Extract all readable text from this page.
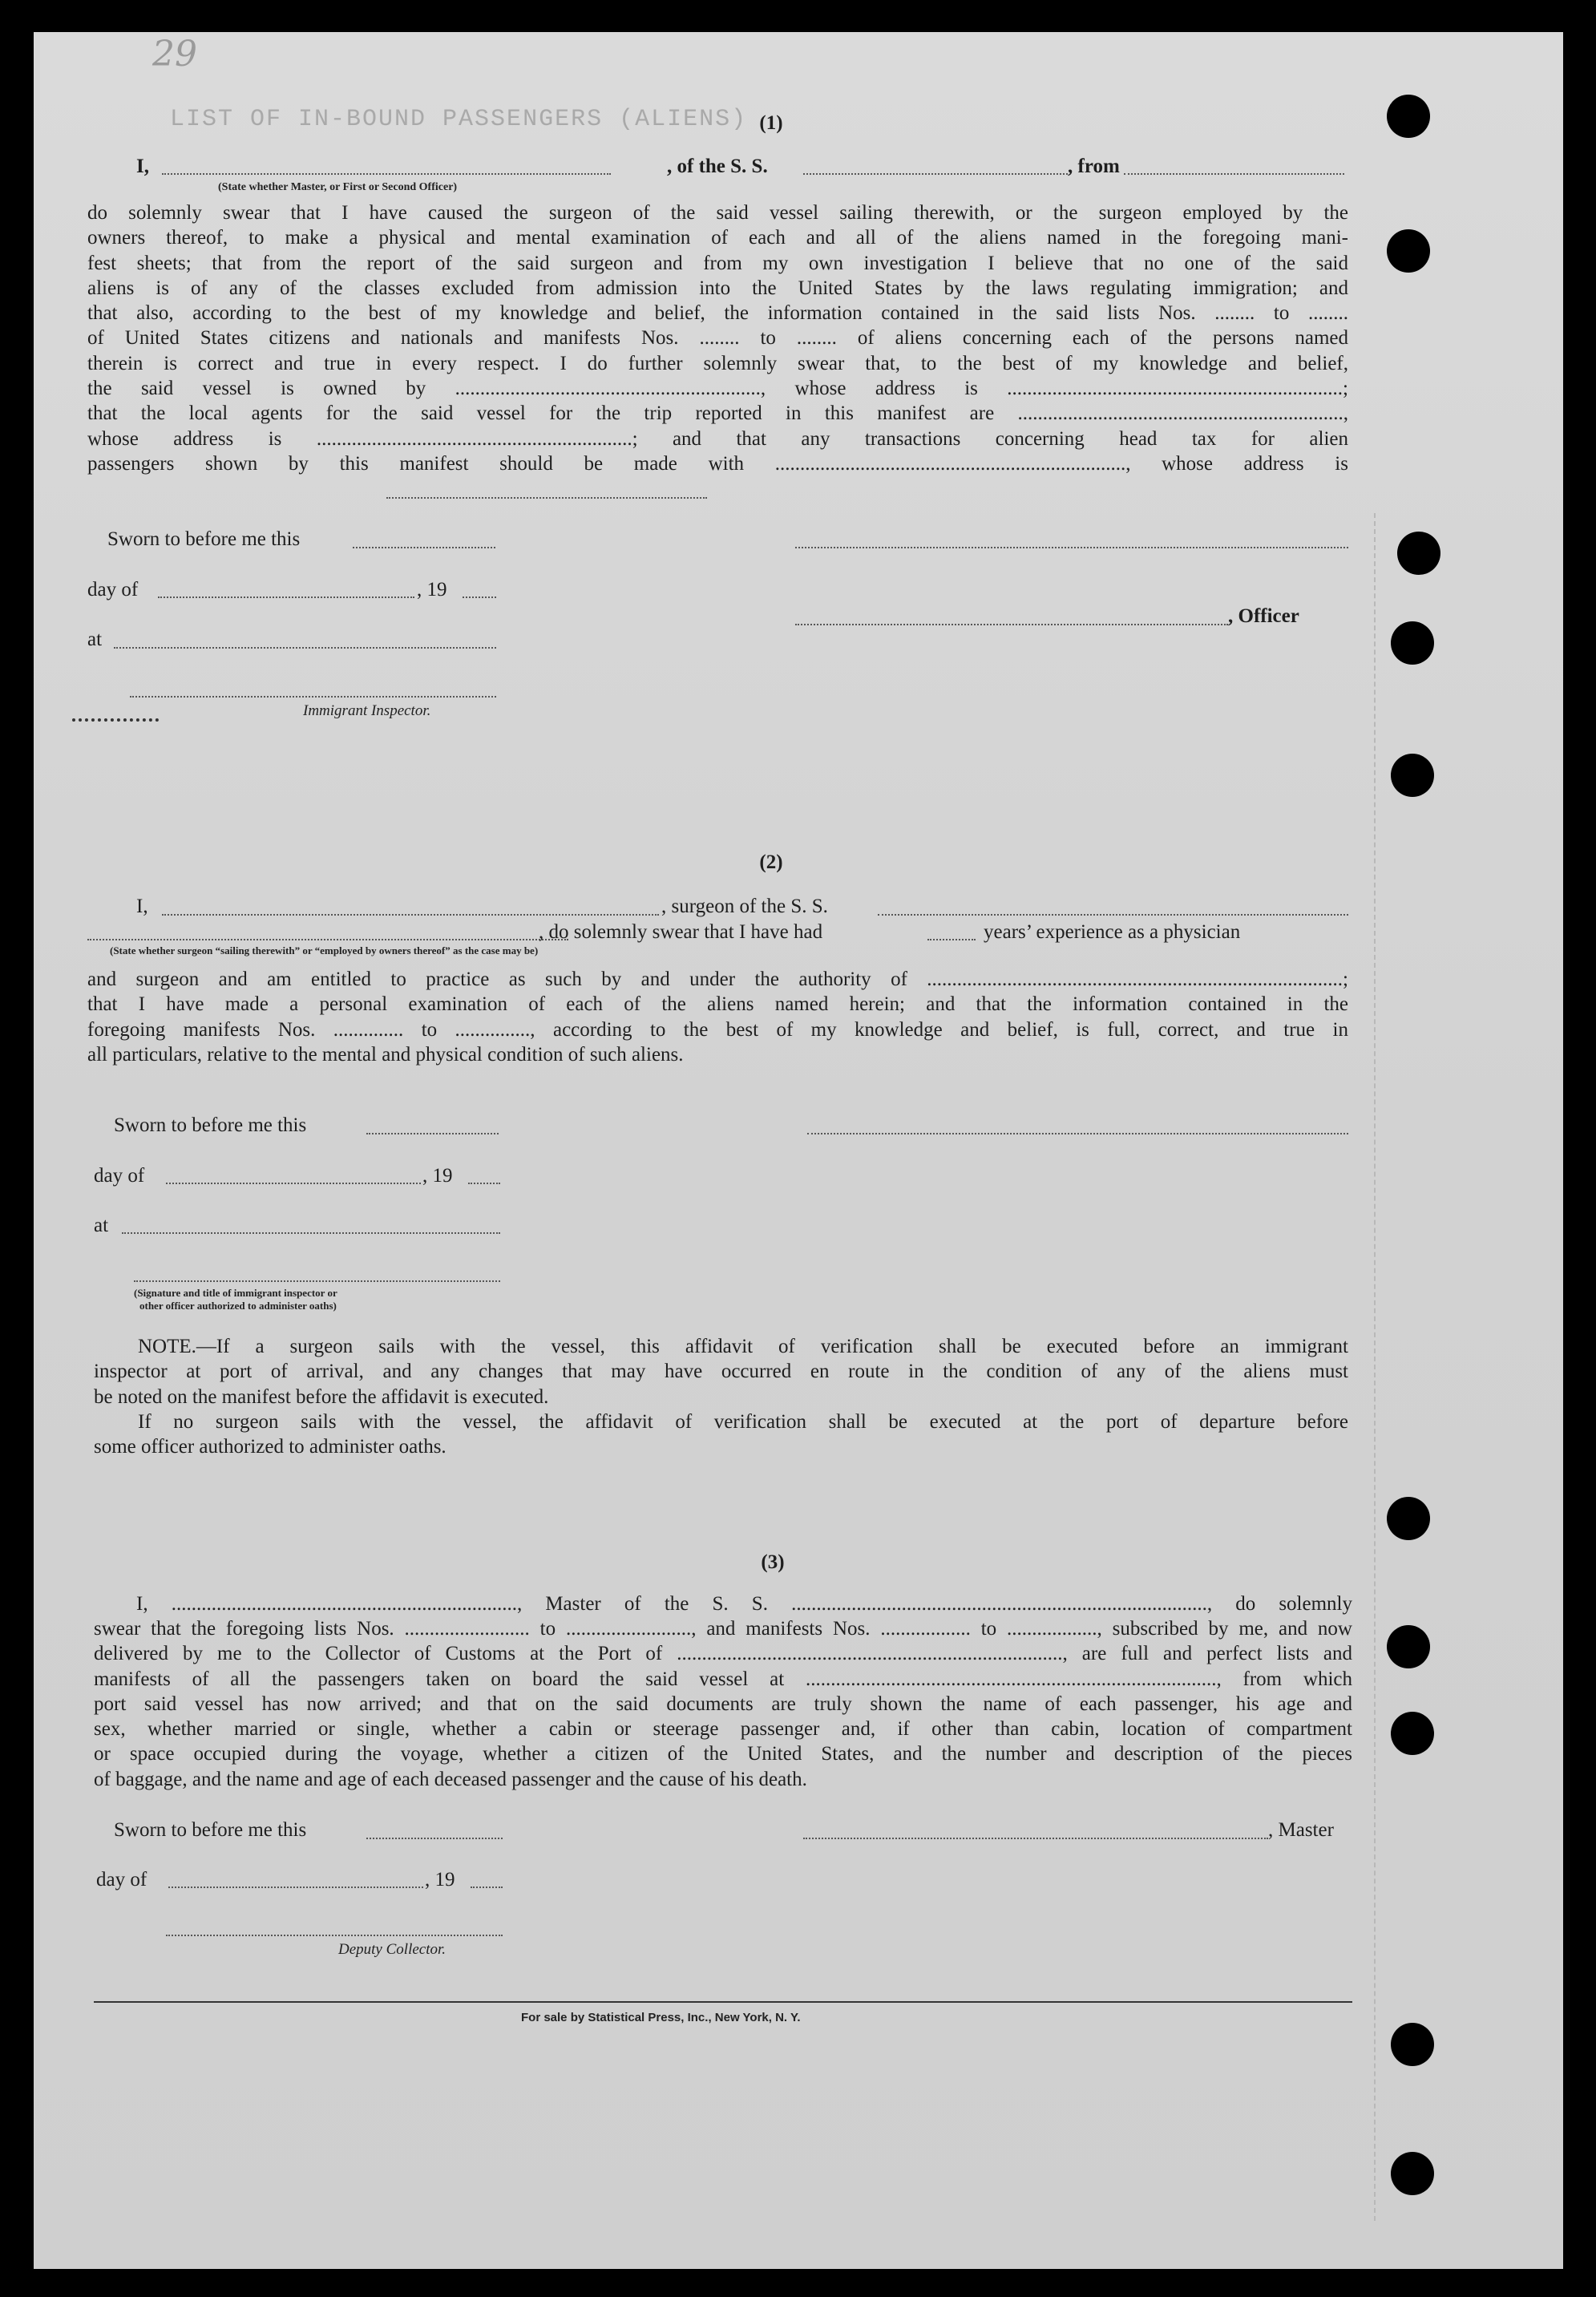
29
LIST OF IN-BOUND PASSENGERS (ALIENS) (1)
I,	, of the S. S.	, from
(State whether Master, or First or Second Officer)

do solemnly swear that I have caused the surgeon of the said vessel sailing therewith, or the surgeon employed by the

owners thereof, to make a physical and mental examination of each and all of the aliens named in the foregoing mani-

fest sheets; that from the report of the said surgeon and from my own investigation I believe that no one of the said

aliens is of any of the classes excluded from admission into the United States by the laws regulating immigration; and

that also, according to the best of my knowledge and belief, the information contained in the said lists Nos. ........ to ........

of United States citizens and nationals and manifests Nos. ........ to ........ of aliens concerning each of the persons named

therein is correct and true in every respect. I do further solemnly swear that, to the best of my knowledge and belief,

the said vessel is owned by ............................................................., whose address is ...................................................................;

that the local agents for the said vessel for the trip reported in this manifest are .................................................................,

whose address is ...............................................................; and that any transactions concerning head tax for alien

passengers shown by this manifest should be made with ......................................................................, whose address is

Sworn to before me this
day of	, 19
, Officer
at
Immigrant Inspector.
(2)
I,	, surgeon of the S. S.
, do solemnly swear that I have had	years’ experience as a physician
(State whether surgeon “sailing therewith” or “employed by owners thereof” as the case may be)

and surgeon and am entitled to practice as such by and under the authority of ...................................................................................;

that I have made a personal examination of each of the aliens named herein; and that the information contained in the

foregoing manifests Nos. .............. to ..............., according to the best of my knowledge and belief, is full, correct, and true in

all particulars, relative to the mental and physical condition of such aliens.

Sworn to before me this
day of	, 19
at
(Signature and title of immigrant inspector or
other officer authorized to administer oaths)

NOTE.—If a surgeon sails with the vessel, this affidavit of verification shall be executed before an immigrant

inspector at port of arrival, and any changes that may have occurred en route in the condition of any of the aliens must

be noted on the manifest before the affidavit is executed.

If no surgeon sails with the vessel, the affidavit of verification shall be executed at the port of departure before

some officer authorized to administer oaths.

(3)

I, ....................................................................., Master of the S. S. ..................................................................................., do solemnly

swear that the foregoing lists Nos. ......................... to ........................., and manifests Nos. .................. to .................., subscribed by me, and now

delivered by me to the Collector of Customs at the Port of ............................................................................., are full and perfect lists and

manifests of all the passengers taken on board the said vessel at .................................................................................., from which

port said vessel has now arrived; and that on the said documents are truly shown the name of each passenger, his age and

sex, whether married or single, whether a cabin or steerage passenger and, if other than cabin, location of compartment

or space occupied during the voyage, whether a citizen of the United States, and the number and description of the pieces

of baggage, and the name and age of each deceased passenger and the cause of his death.

Sworn to before me this	, Master
day of	, 19
Deputy Collector.
For sale by Statistical Press, Inc., New York, N. Y.
